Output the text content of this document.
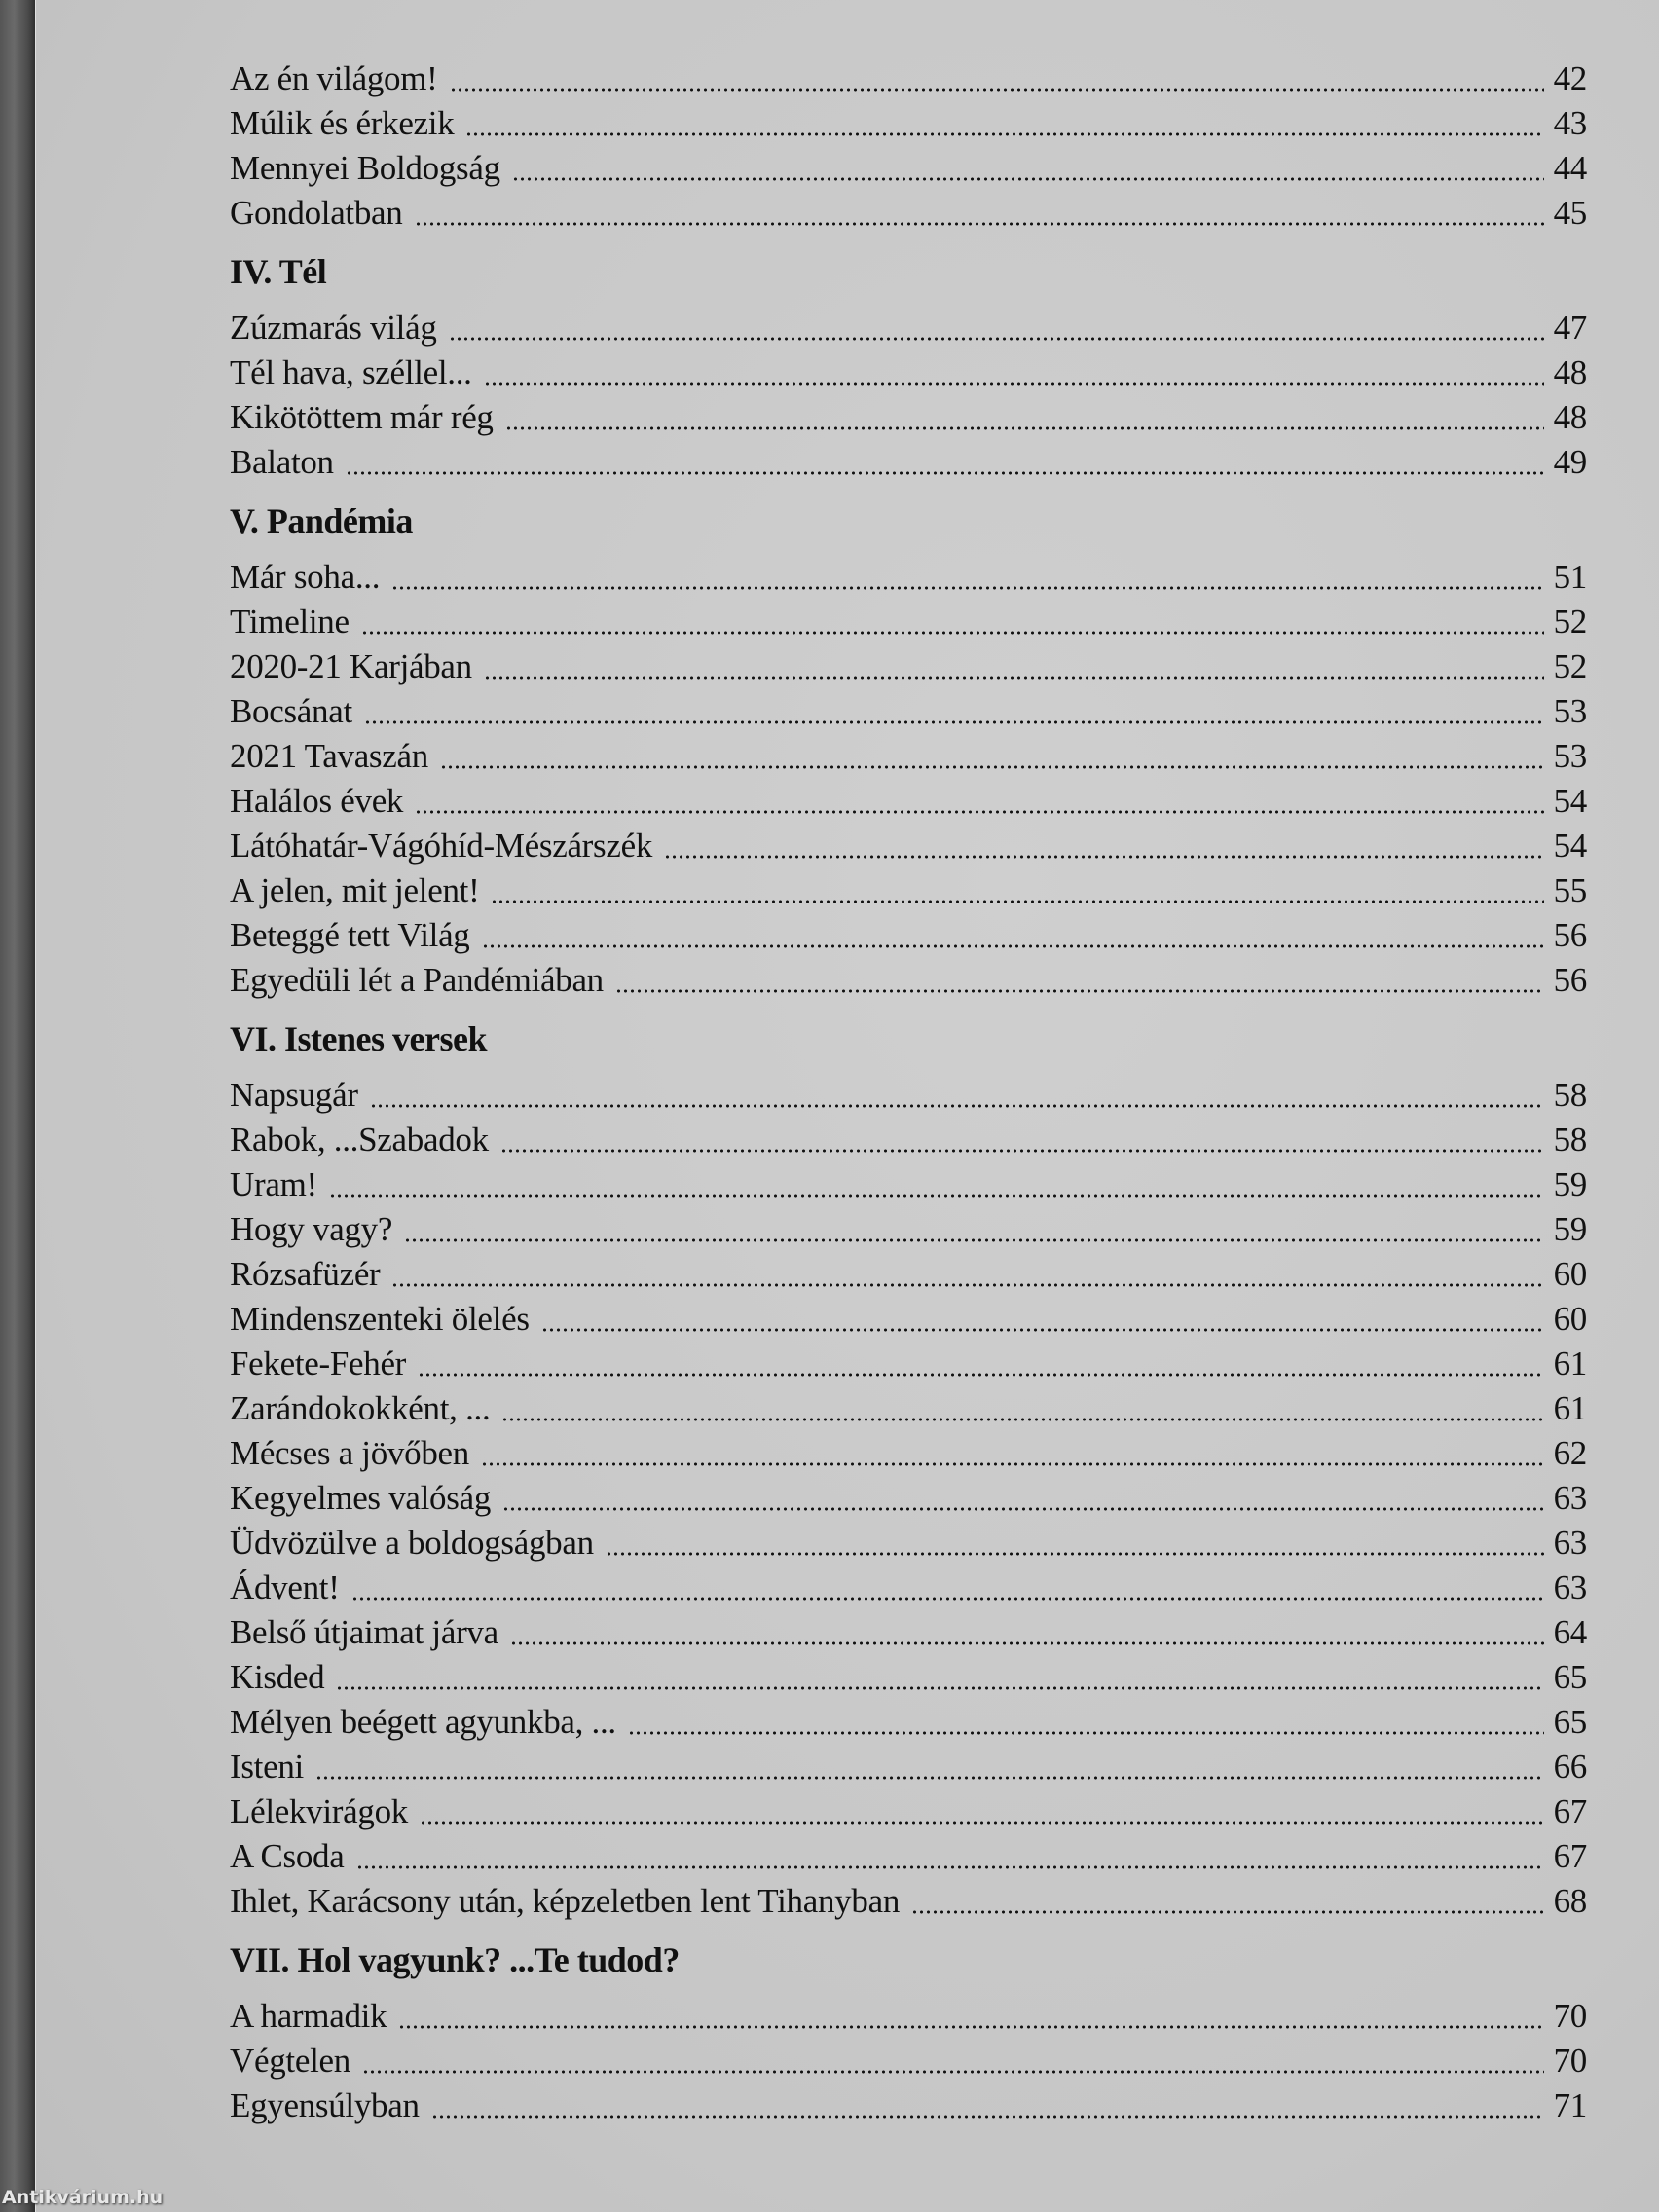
Az én világom!	42
Múlik és érkezik	43
Mennyei Boldogság	44
Gondolatban	45
IV. Tél
Zúzmarás világ	47
Tél hava, széllel...	48
Kikötöttem már rég	48
Balaton	49
V. Pandémia
Már soha...	51
Timeline	52
2020-21 Karjában	52
Bocsánat	53
2021 Tavaszán	53
Halálos évek	54
Látóhatár-Vágóhíd-Mészárszék	54
A jelen, mit jelent!	55
Beteggé tett Világ	56
Egyedüli lét a Pandémiában	56
VI. Istenes versek
Napsugár	58
Rabok, ...Szabadok	58
Uram!	59
Hogy vagy?	59
Rózsafüzér	60
Mindenszenteki ölelés	60
Fekete-Fehér	61
Zarándokokként, ...	61
Mécses a jövőben	62
Kegyelmes valóság	63
Üdvözülve a boldogságban	63
Ádvent!	63
Belső útjaimat járva	64
Kisded	65
Mélyen beégett agyunkba, ...	65
Isteni	66
Lélekvirágok	67
A Csoda	67
Ihlet, Karácsony után, képzeletben lent Tihanyban	68
VII. Hol vagyunk? ...Te tudod?
A harmadik	70
Végtelen	70
Egyensúlyban	71
Antikvárium.hu
